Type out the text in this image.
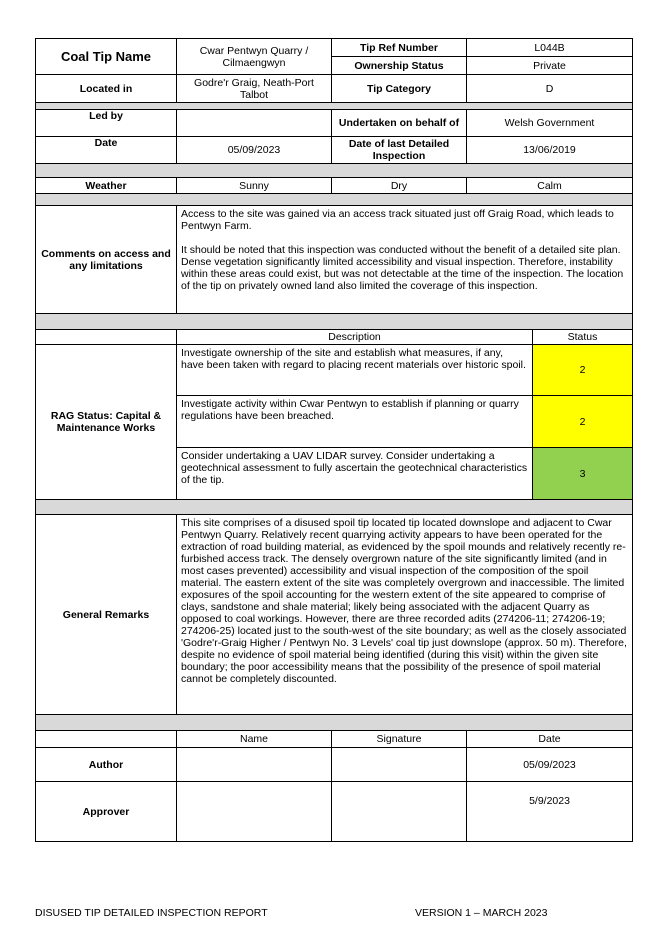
Coal Tip Name	Cwar Pentwyn Quarry / Cilmaengwyn	Tip Ref Number	L044B	
		Ownership Status	Private	
Located in	Godre'r Graig, Neath-Port Talbot	Tip Category	D	

Led by		Undertaken on behalf of	Welsh Government	
Date	05/09/2023	Date of last Detailed Inspection	13/06/2019	

Weather	Sunny	Dry	Calm	

Comments on access and any limitations	Access to the site was gained via an access track situated just off Graig Road, which leads to Pentwyn Farm.

It should be noted that this inspection was conducted without the benefit of a detailed site plan. Dense vegetation significantly limited accessibility and visual inspection. Therefore, instability within these areas could exist, but was not detectable at the time of the inspection. The location of the tip on privately owned land also limited the coverage of this inspection.			

	Description			Status
RAG Status: Capital & Maintenance Works	Investigate ownership of the site and establish what measures, if any, have been taken with regard to placing recent materials over historic spoil.			2
	Investigate activity within Cwar Pentwyn to establish if planning or quarry regulations have been breached.			2
	Consider undertaking a UAV LIDAR survey. Consider undertaking a geotechnical assessment to fully ascertain the geotechnical characteristics of the tip.			3

General Remarks	This site comprises of a disused spoil tip located tip located downslope and adjacent to Cwar Pentwyn Quarry. Relatively recent quarrying activity appears to have been operated for the extraction of road building material, as evidenced by the spoil mounds and relatively recently re-furbished access track. The densely overgrown nature of the site significantly limited (and in most cases prevented) accessibility and visual inspection of the composition of the spoil material. The eastern extent of the site was completely overgrown and inaccessible. The limited exposures of the spoil accounting for the western extent of the site appeared to comprise of clays, sandstone and shale material; likely being associated with the adjacent Quarry as opposed to coal workings. However, there are three recorded adits (274206-11; 274206-19; 274206-25) located just to the south-west of the site boundary; as well as the closely associated 'Godre'r-Graig Higher / Pentwyn No. 3 Levels' coal tip just downslope (approx. 50 m). Therefore, despite no evidence of spoil material being identified (during this visit) within the given site boundary; the poor accessibility means that the possibility of the presence of spoil material cannot be completely discounted.			

	Name	Signature	Date	
Author			05/09/2023	
Approver			5/9/2023	
DISUSED TIP DETAILED INSPECTION REPORT	VERSION 1 – MARCH 2023
